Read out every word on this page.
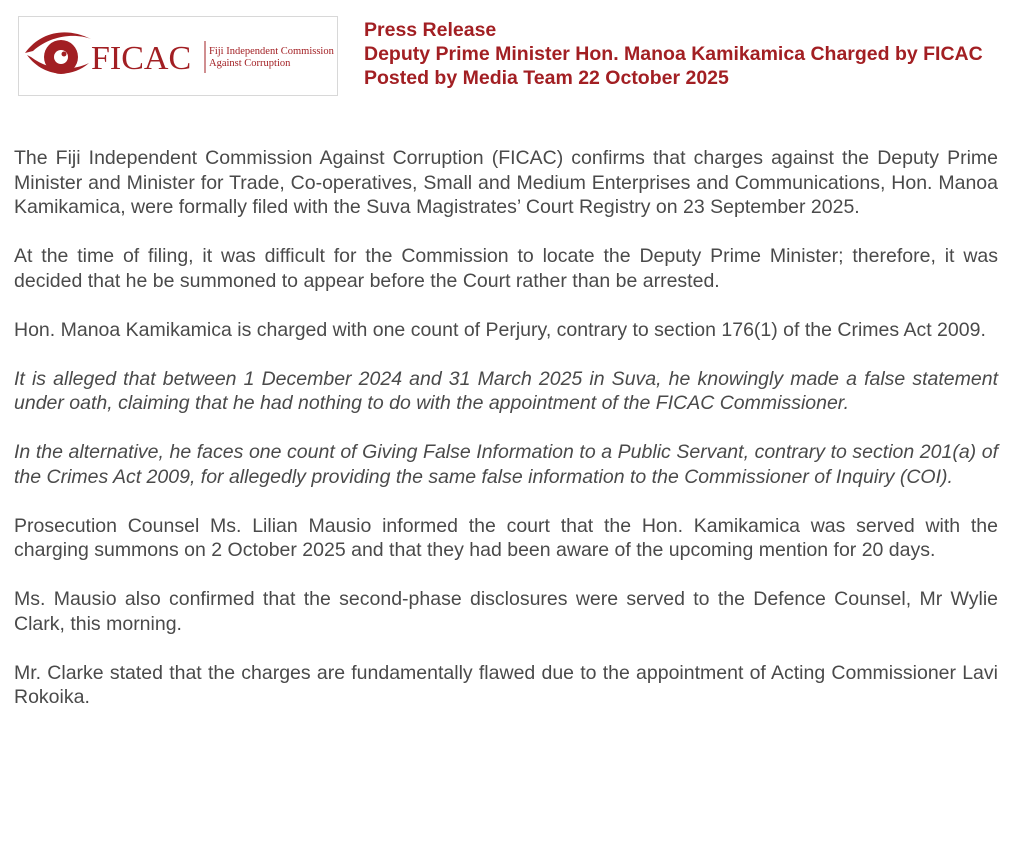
FICAC Fiji Independent Commission
Against Corruption
Press Release
Deputy Prime Minister Hon. Manoa Kamikamica Charged by FICAC
Posted by Media Team 22 October 2025

The Fiji Independent Commission Against Corruption (FICAC) confirms that charges against the Deputy Prime Minister and Minister for Trade, Co-operatives, Small and Medium Enterprises and Communications, Hon. Manoa Kamikamica, were formally filed with the Suva Magistrates’ Court Registry on 23 September 2025.

At the time of filing, it was difficult for the Commission to locate the Deputy Prime Minister; therefore, it was decided that he be summoned to appear before the Court rather than be arrested.

Hon. Manoa Kamikamica is charged with one count of Perjury, contrary to section 176(1) of the Crimes Act 2009.

It is alleged that between 1 December 2024 and 31 March 2025 in Suva, he knowingly made a false statement under oath, claiming that he had nothing to do with the appointment of the FICAC Commissioner.

In the alternative, he faces one count of Giving False Information to a Public Servant, contrary to section 201(a) of the Crimes Act 2009, for allegedly providing the same false information to the Commissioner of Inquiry (COI).

Prosecution Counsel Ms. Lilian Mausio informed the court that the Hon. Kamikamica was served with the charging summons on 2 October 2025 and that they had been aware of the upcoming mention for 20 days.

Ms. Mausio also confirmed that the second-phase disclosures were served to the Defence Counsel, Mr Wylie Clark, this morning.

Mr. Clarke stated that the charges are fundamentally flawed due to the appointment of Acting Commissioner Lavi Rokoika.
